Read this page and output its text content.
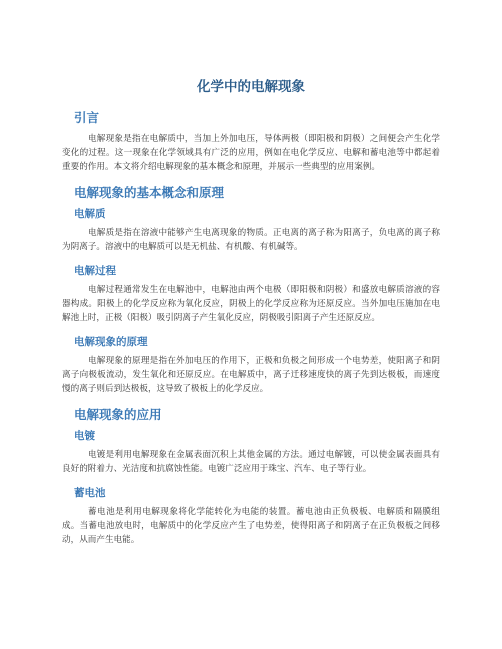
化学中的电解现象
引言

电解现象是指在电解质中，当加上外加电压，导体两极（即阳极和阴极）之间便会产生化学变化的过程。这一现象在化学领域具有广泛的应用，例如在电化学反应、电解和蓄电池等中都起着重要的作用。本文将介绍电解现象的基本概念和原理，并展示一些典型的应用案例。

电解现象的基本概念和原理
电解质

电解质是指在溶液中能够产生电离现象的物质。正电离的离子称为阳离子，负电离的离子称为阴离子。溶液中的电解质可以是无机盐、有机酸、有机碱等。

电解过程

电解过程通常发生在电解池中，电解池由两个电极（即阳极和阴极）和盛放电解质溶液的容器构成。阳极上的化学反应称为氧化反应，阴极上的化学反应称为还原反应。当外加电压施加在电解池上时，正极（阳极）吸引阴离子产生氧化反应，阴极吸引阳离子产生还原反应。

电解现象的原理

电解现象的原理是指在外加电压的作用下，正极和负极之间形成一个电势差，使阳离子和阴离子向极板流动，发生氧化和还原反应。在电解质中，离子迁移速度快的离子先到达极板，而速度慢的离子则后到达极板，这导致了极板上的化学反应。

电解现象的应用
电镀

电镀是利用电解现象在金属表面沉积上其他金属的方法。通过电解镀，可以使金属表面具有良好的附着力、光洁度和抗腐蚀性能。电镀广泛应用于珠宝、汽车、电子等行业。

蓄电池

蓄电池是利用电解现象将化学能转化为电能的装置。蓄电池由正负极板、电解质和隔膜组成。当蓄电池放电时，电解质中的化学反应产生了电势差，使得阳离子和阴离子在正负极板之间移动，从而产生电能。
